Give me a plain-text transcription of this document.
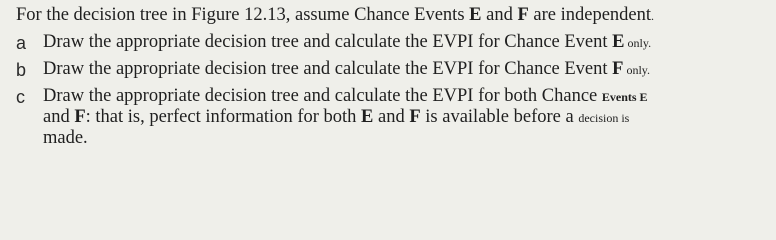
For the decision tree in Figure 12.13, assume Chance Events E and F are independent.
a Draw the appropriate decision tree and calculate the EVPI for Chance Event E only.
b Draw the appropriate decision tree and calculate the EVPI for Chance Event F only.
c Draw the appropriate decision tree and calculate the EVPI for both Chance Events E
and F: that is, perfect information for both E and F is available before a decision is
made.
